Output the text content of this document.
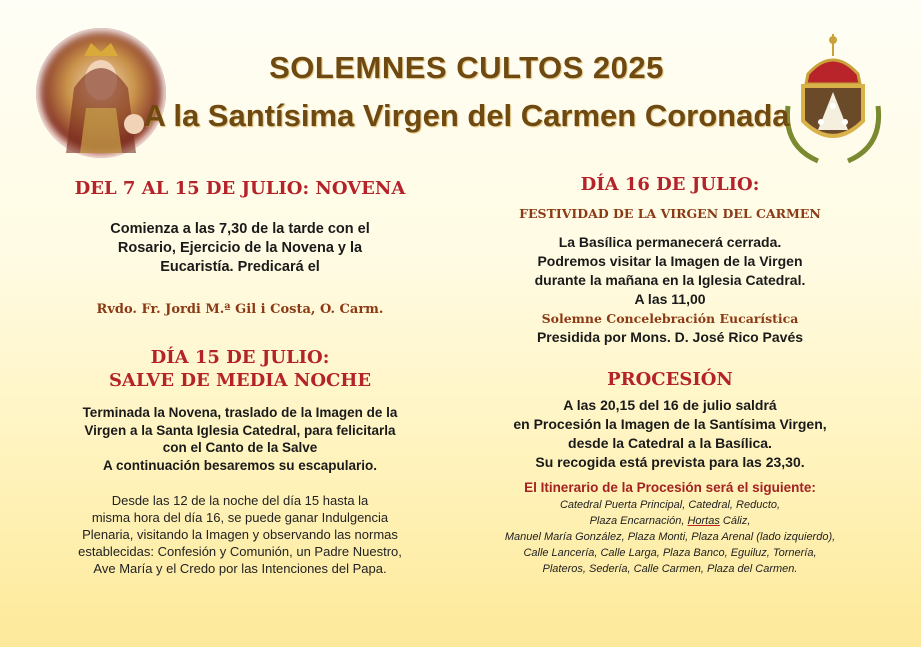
SOLEMNES CULTOS 2025
A la Santísima Virgen del Carmen Coronada
DEL 7 AL 15 DE JULIO: NOVENA
Comienza a las 7,30 de la tarde con el
Rosario, Ejercicio de la Novena y la
Eucaristía. Predicará el
Rvdo. Fr. Jordi M.ª Gil i Costa, O. Carm.
DÍA 15 DE JULIO:
SALVE DE MEDIA NOCHE
Terminada la Novena, traslado de la Imagen de la
Virgen a la Santa Iglesia Catedral, para felicitarla
con el Canto de la Salve
A continuación besaremos su escapulario.
Desde las 12 de la noche del día 15 hasta la
misma hora del día 16, se puede ganar Indulgencia
Plenaria, visitando la Imagen y observando las normas
establecidas: Confesión y Comunión, un Padre Nuestro,
Ave María y el Credo por las Intenciones del Papa.
DÍA 16 DE JULIO:
FESTIVIDAD DE LA VIRGEN DEL CARMEN
La Basílica permanecerá cerrada.
Podremos visitar la Imagen de la Virgen
durante la mañana en la Iglesia Catedral.
A las 11,00
Solemne Concelebración Eucarística
Presidida por Mons. D. José Rico Pavés
PROCESIÓN
A las 20,15 del 16 de julio saldrá
en Procesión la Imagen de la Santísima Virgen,
desde la Catedral a la Basílica.
Su recogida está prevista para las 23,30.
El Itinerario de la Procesión será el siguiente:
Catedral Puerta Principal, Catedral, Reducto,
Plaza Encarnación, Hortas Cáliz,
Manuel María González, Plaza Monti, Plaza Arenal (lado izquierdo),
Calle Lancería, Calle Larga, Plaza Banco, Eguiluz, Tornería,
Plateros, Sedería, Calle Carmen, Plaza del Carmen.
